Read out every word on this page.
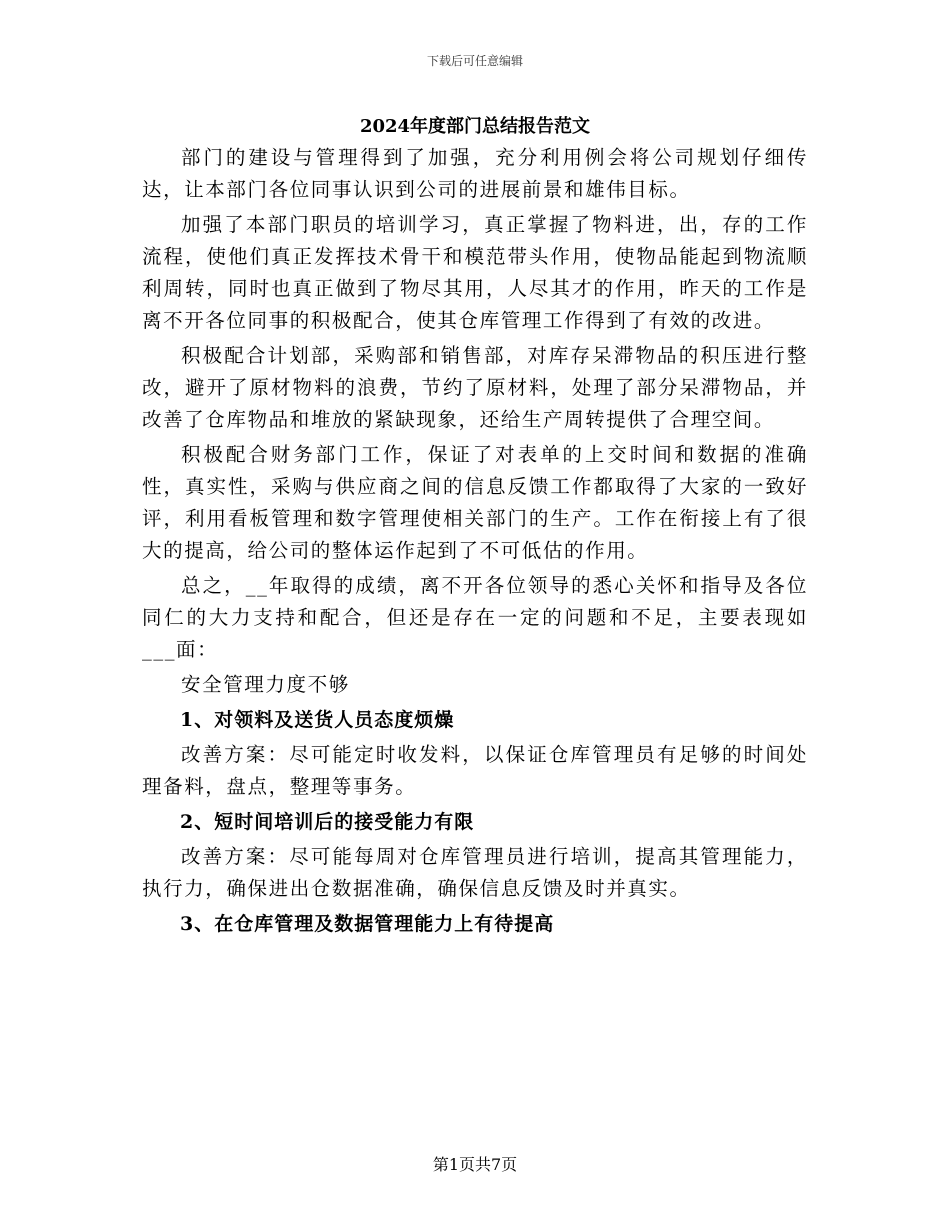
下载后可任意编辑
2024年度部门总结报告范文

部门的建设与管理得到了加强，充分利用例会将公司规划仔细传达，让本部门各位同事认识到公司的进展前景和雄伟目标。

加强了本部门职员的培训学习，真正掌握了物料进，出，存的工作流程，使他们真正发挥技术骨干和模范带头作用，使物品能起到物流顺利周转，同时也真正做到了物尽其用，人尽其才的作用，昨天的工作是离不开各位同事的积极配合，使其仓库管理工作得到了有效的改进。

积极配合计划部，采购部和销售部，对库存呆滞物品的积压进行整改，避开了原材物料的浪费，节约了原材料，处理了部分呆滞物品，并改善了仓库物品和堆放的紧缺现象，还给生产周转提供了合理空间。

积极配合财务部门工作，保证了对表单的上交时间和数据的准确性，真实性，采购与供应商之间的信息反馈工作都取得了大家的一致好评，利用看板管理和数字管理使相关部门的生产。工作在衔接上有了很大的提高，给公司的整体运作起到了不可低估的作用。

总之，__年取得的成绩，离不开各位领导的悉心关怀和指导及各位同仁的大力支持和配合，但还是存在一定的问题和不足，主要表现如___面：

安全管理力度不够

1、对领料及送货人员态度烦燥

改善方案：尽可能定时收发料，以保证仓库管理员有足够的时间处理备料，盘点，整理等事务。

2、短时间培训后的接受能力有限

改善方案：尽可能每周对仓库管理员进行培训，提高其管理能力，执行力，确保进出仓数据准确，确保信息反馈及时并真实。

3、在仓库管理及数据管理能力上有待提高

第1页共7页
